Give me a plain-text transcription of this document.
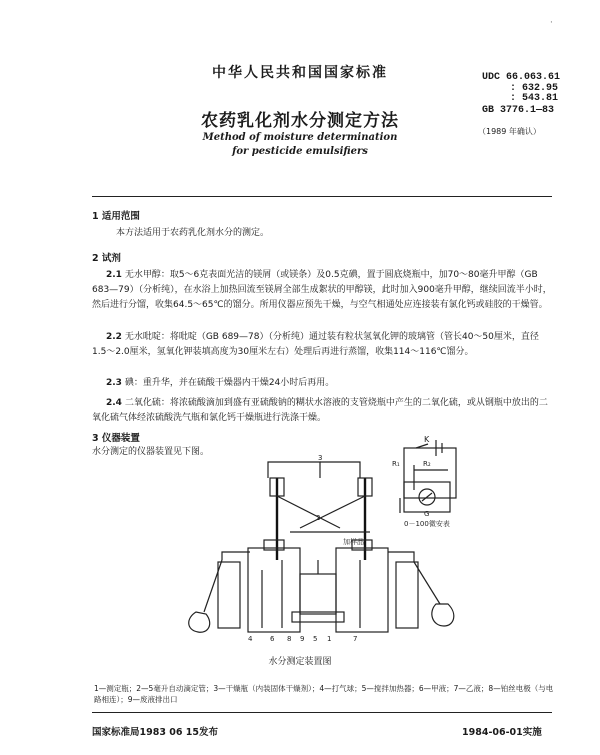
·
中华人民共和国国家标准	UDC 66.063.61
: 632.95
: 543.81
GB 3776.1—83
（1989 年确认）
农药乳化剂水分测定方法
Method of moisture determination
for pesticide emulsifiers
1 适用范围
本方法适用于农药乳化剂水分的测定。
2 试剂
2.1 无水甲醇：取5～6克表面光洁的镁屑（或镁条）及0.5克碘，置于圆底烧瓶中，加70～80毫升甲醇（GB 683—79）（分析纯），在水浴上加热回流至镁屑全部生成絮状的甲醇镁，此时加入900毫升甲醇，继续回流半小时，然后进行分馏，收集64.5～65℃的馏分。所用仪器应预先干燥，与空气相通处应连接装有氯化钙或硅胶的干燥管。
2.2 无水吡啶：将吡啶（GB 689—78）（分析纯）通过装有粒状氢氧化钾的玻璃管（管长40～50厘米，直径1.5～2.0厘米，氢氧化钾装填高度为30厘米左右）处理后再进行蒸馏，收集114～116℃馏分。
2.3 碘：重升华，并在硫酸干燥器内干燥24小时后再用。
2.4 二氧化硫：将浓硫酸滴加到盛有亚硫酸钠的糊状水溶液的支管烧瓶中产生的二氧化硫，或从钢瓶中放出的二氧化硫气体经浓硫酸洗气瓶和氯化钙干燥瓶进行洗涤干燥。
3 仪器装置
水分测定的仪器装置见下图。
K
R₁	R₂
G
0－100微安表
3
2
加样品
4	6 8 9 5 1	7
水分测定装置图
1—测定瓶；2—5毫升自动滴定管；3—干燥瓶（内装固体干燥剂）；4—打气球；5—搅拌加热器；6—甲液；7—乙液；8—铂丝电极（与电路相连）；9—废液排出口
国家标准局1983 06 15发布	1984-06-01实施
